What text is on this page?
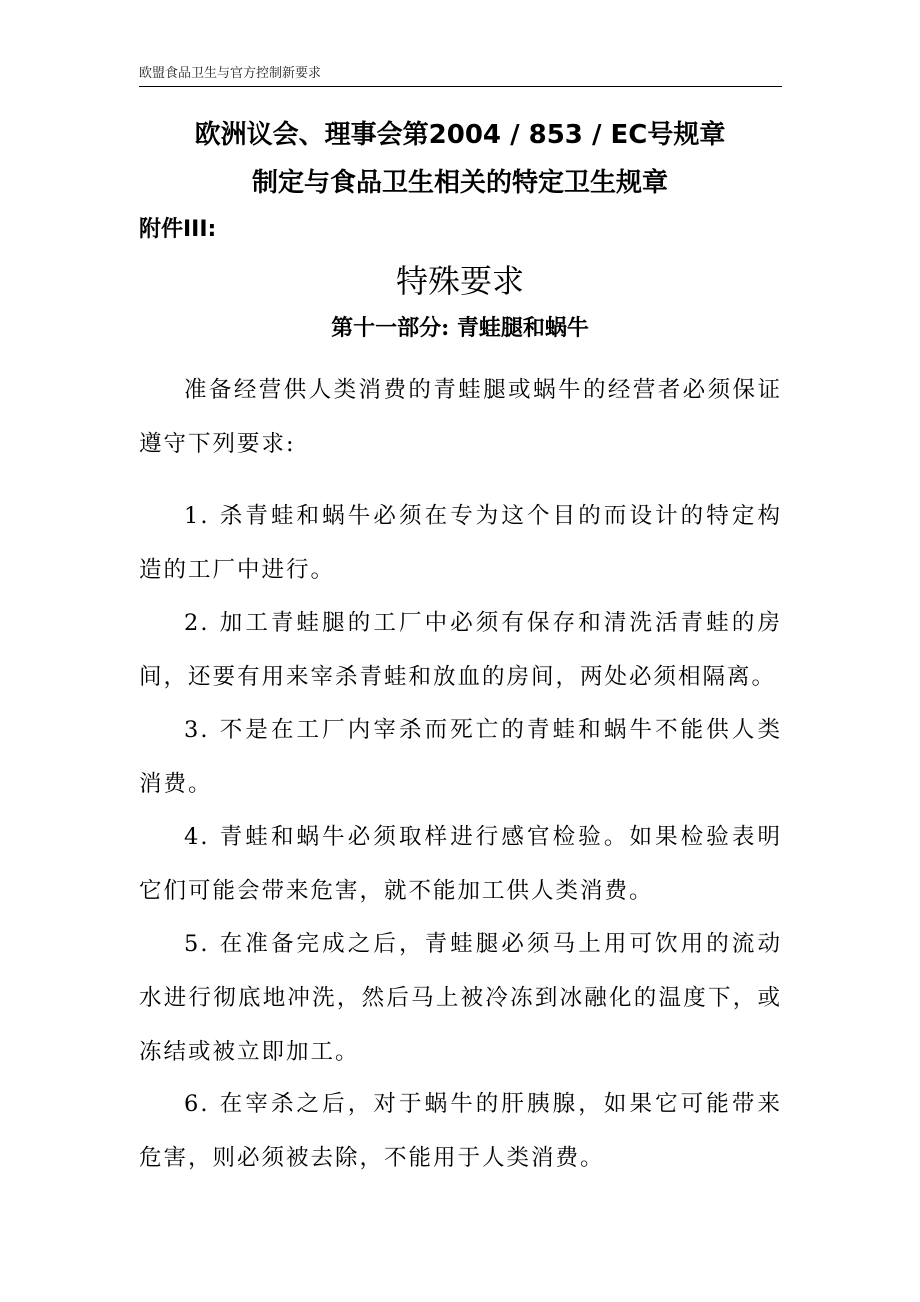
欧盟食品卫生与官方控制新要求
欧洲议会、理事会第2004 / 853 / EC号规章
制定与食品卫生相关的特定卫生规章
附件III:
特殊要求
第十一部分: 青蛙腿和蜗牛

准备经营供人类消费的青蛙腿或蜗牛的经营者必须保证遵守下列要求:

1. 杀青蛙和蜗牛必须在专为这个目的而设计的特定构造的工厂中进行。

2. 加工青蛙腿的工厂中必须有保存和清洗活青蛙的房间，还要有用来宰杀青蛙和放血的房间，两处必须相隔离。

3. 不是在工厂内宰杀而死亡的青蛙和蜗牛不能供人类消费。

4. 青蛙和蜗牛必须取样进行感官检验。如果检验表明它们可能会带来危害，就不能加工供人类消费。

5. 在准备完成之后，青蛙腿必须马上用可饮用的流动水进行彻底地冲洗，然后马上被冷冻到冰融化的温度下，或冻结或被立即加工。

6. 在宰杀之后，对于蜗牛的肝胰腺，如果它可能带来危害，则必须被去除，不能用于人类消费。
